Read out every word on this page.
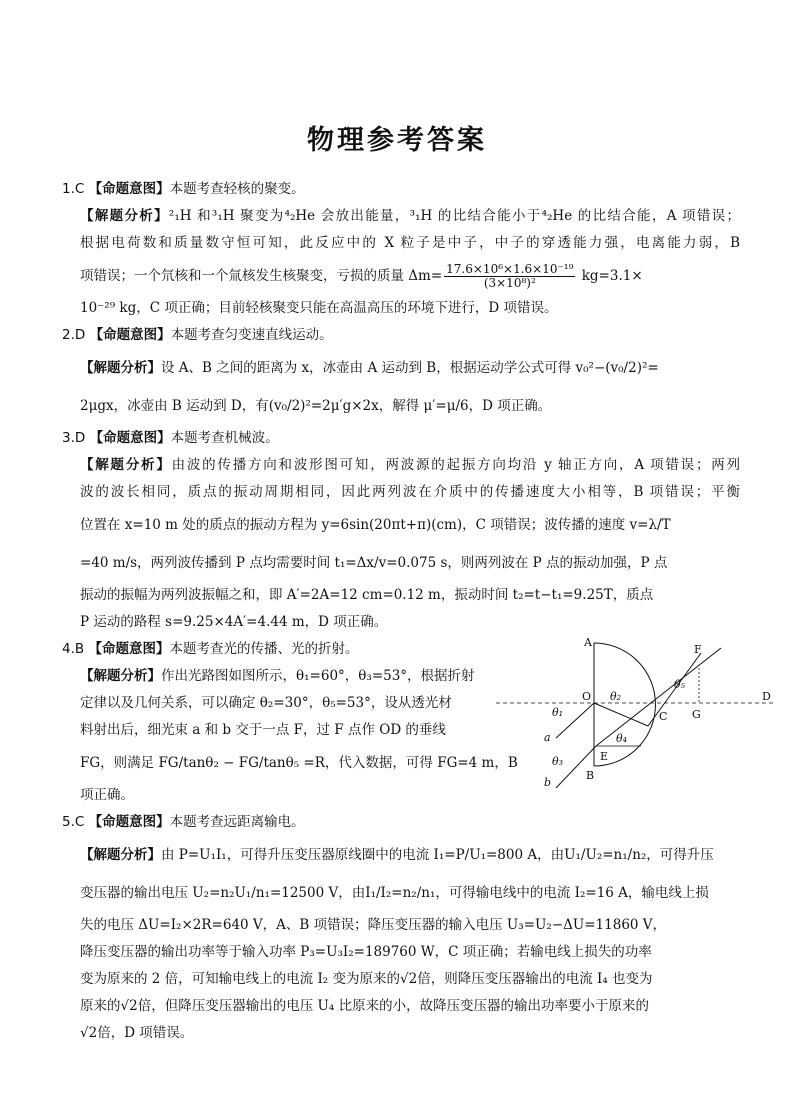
物理参考答案
1.C 【命题意图】本题考查轻核的聚变。
【解题分析】²₁H 和³₁H 聚变为⁴₂He 会放出能量，³₁H 的比结合能小于⁴₂He 的比结合能，A 项错误；
根据电荷数和质量数守恒可知，此反应中的 X 粒子是中子，中子的穿透能力强，电离能力弱，B
项错误；一个氘核和一个氚核发生核聚变，亏损的质量 $\Delta m= \frac{\text{17.6×10⁶×1.6×10⁻¹⁹}}{\text{(3×10⁸)²}} kg=3.1\times$
10⁻²⁹ kg，C 项正确；目前轻核聚变只能在高温高压的环境下进行，D 项错误。
2.D 【命题意图】本题考查匀变速直线运动。
【解题分析】设 A、B 之间的距离为 x，冰壶由 A 运动到 B，根据运动学公式可得 v₀²−(v₀/2)²=
2μgx，冰壶由 B 运动到 D，有(v₀/2)²=2μ′g×2x，解得 μ′=μ/6，D 项正确。
3.D 【命题意图】本题考查机械波。
【解题分析】由波的传播方向和波形图可知，两波源的起振方向均沿 y 轴正方向，A 项错误；两列
波的波长相同，质点的振动周期相同，因此两列波在介质中的传播速度大小相等，B 项错误；平衡
位置在 x=10 m 处的质点的振动方程为 y=6sin(20πt+π)(cm)，C 项错误；波传播的速度 v=λ/T
=40 m/s，两列波传播到 P 点均需要时间 t₁=Δx/v=0.075 s，则两列波在 P 点的振动加强，P 点
振动的振幅为两列波振幅之和，即 A′=2A=12 cm=0.12 m，振动时间 t₂=t−t₁=9.25T，质点
P 运动的路程 s=9.25×4A′=4.44 m，D 项正确。
4.B 【命题意图】本题考查光的传播、光的折射。
【解题分析】作出光路图如图所示，θ₁=60°，θ₃=53°，根据折射
定律以及几何关系，可以确定 θ₂=30°，θ₅=53°，设从透光材
料射出后，细光束 a 和 b 交于一点 F，过 F 点作 OD 的垂线
FG，则满足 FG/tanθ₂ − FG/tanθ₅ =R，代入数据，可得 FG=4 m，B
项正确。
A
F
O θ₂
θ₅
C G
D
θ₁
a	θ₄
E
θ₃
B
b
5.C 【命题意图】本题考查远距离输电。
【解题分析】由 P=U₁I₁，可得升压变压器原线圈中的电流 I₁=P/U₁=800 A，由U₁/U₂=n₁/n₂，可得升压
变压器的输出电压 U₂=n₂U₁/n₁=12500 V，由I₁/I₂=n₂/n₁，可得输电线中的电流 I₂=16 A，输电线上损
失的电压 ΔU=I₂×2R=640 V，A、B 项错误；降压变压器的输入电压 U₃=U₂−ΔU=11860 V，
降压变压器的输出功率等于输入功率 P₃=U₃I₂=189760 W，C 项正确；若输电线上损失的功率
变为原来的 2 倍，可知输电线上的电流 I₂ 变为原来的√2倍，则降压变压器输出的电流 I₄ 也变为
原来的√2倍，但降压变压器输出的电压 U₄ 比原来的小，故降压变压器的输出功率要小于原来的
√2倍，D 项错误。
